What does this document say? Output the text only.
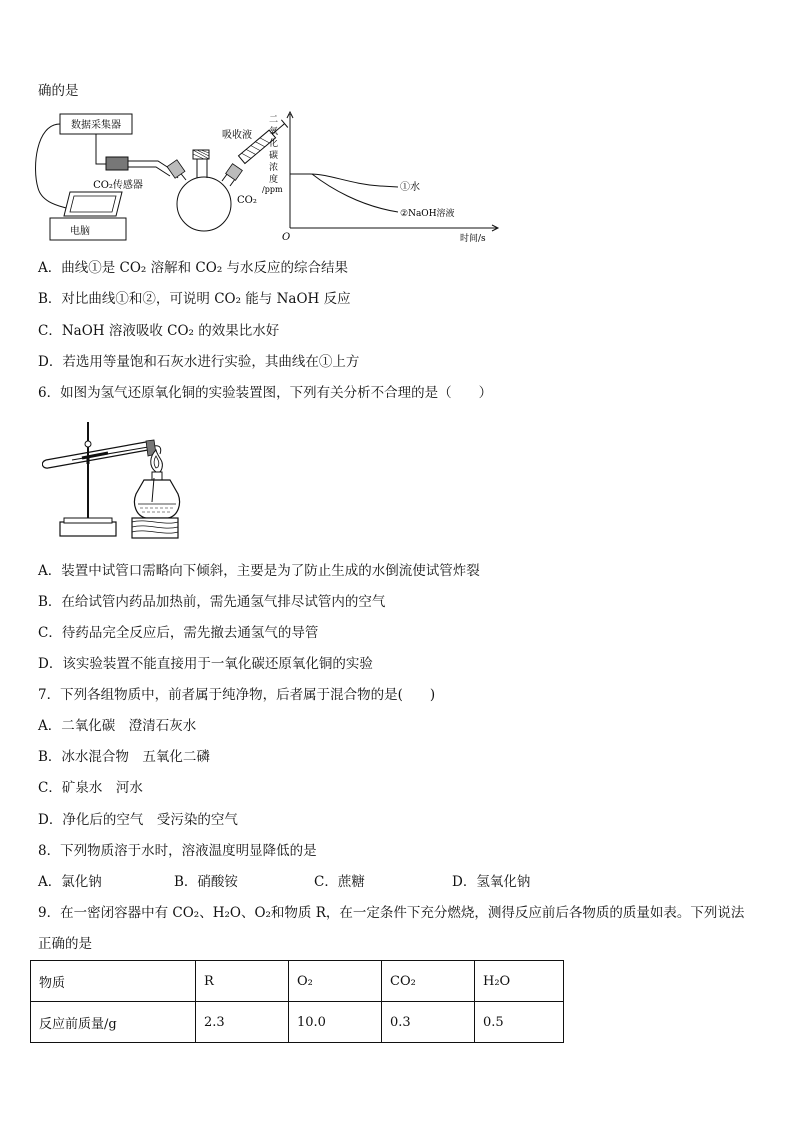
确的是
数据采集器
CO₂传感器
电脑
吸收液
CO₂
二
氧
化
碳
浓
度
/ppm
O	时间/s
①水
②NaOH溶液
A．曲线①是 CO₂ 溶解和 CO₂ 与水反应的综合结果
B．对比曲线①和②，可说明 CO₂ 能与 NaOH 反应
C．NaOH 溶液吸收 CO₂ 的效果比水好
D．若选用等量饱和石灰水进行实验，其曲线在①上方
6．如图为氢气还原氧化铜的实验装置图，下列有关分析不合理的是（　　）
A．装置中试管口需略向下倾斜，主要是为了防止生成的水倒流使试管炸裂
B．在给试管内药品加热前，需先通氢气排尽试管内的空气
C．待药品完全反应后，需先撤去通氢气的导管
D．该实验装置不能直接用于一氧化碳还原氧化铜的实验
7．下列各组物质中，前者属于纯净物，后者属于混合物的是(　　)
A．二氧化碳　澄清石灰水
B．冰水混合物　五氧化二磷
C．矿泉水　河水
D．净化后的空气　受污染的空气
8．下列物质溶于水时，溶液温度明显降低的是
A．氯化钠	B．硝酸铵	C．蔗糖	D．氢氧化钠
9．在一密闭容器中有 CO₂、H₂O、O₂和物质 R，在一定条件下充分燃烧，测得反应前后各物质的质量如表。下列说法
正确的是
物质	R	O₂	CO₂	H₂O
反应前质量/g	2.3	10.0	0.3	0.5
